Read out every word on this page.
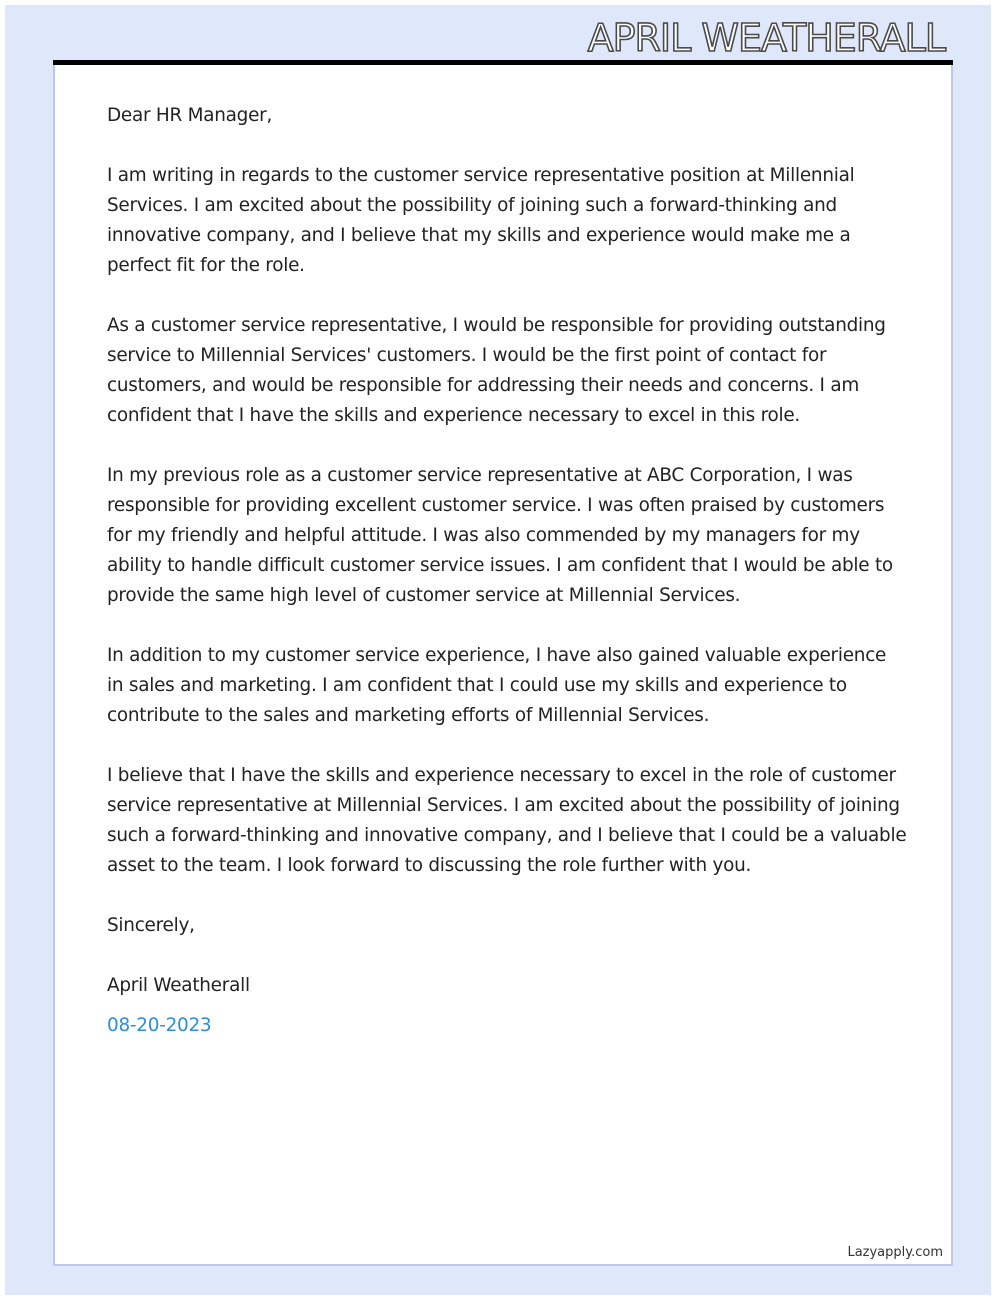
APRIL WEATHERALL

Dear HR Manager,

I am writing in regards to the customer service representative position at Millennial Services. I am excited about the possibility of joining such a forward-thinking and innovative company, and I believe that my skills and experience would make me a perfect fit for the role.

As a customer service representative, I would be responsible for providing outstanding service to Millennial Services' customers. I would be the first point of contact for customers, and would be responsible for addressing their needs and concerns. I am confident that I have the skills and experience necessary to excel in this role.

In my previous role as a customer service representative at ABC Corporation, I was responsible for providing excellent customer service. I was often praised by customers for my friendly and helpful attitude. I was also commended by my managers for my ability to handle difficult customer service issues. I am confident that I would be able to provide the same high level of customer service at Millennial Services.

In addition to my customer service experience, I have also gained valuable experience in sales and marketing. I am confident that I could use my skills and experience to contribute to the sales and marketing efforts of Millennial Services.

I believe that I have the skills and experience necessary to excel in the role of customer service representative at Millennial Services. I am excited about the possibility of joining such a forward-thinking and innovative company, and I believe that I could be a valuable asset to the team. I look forward to discussing the role further with you.

Sincerely,

April Weatherall

08-20-2023

Lazyapply.com
